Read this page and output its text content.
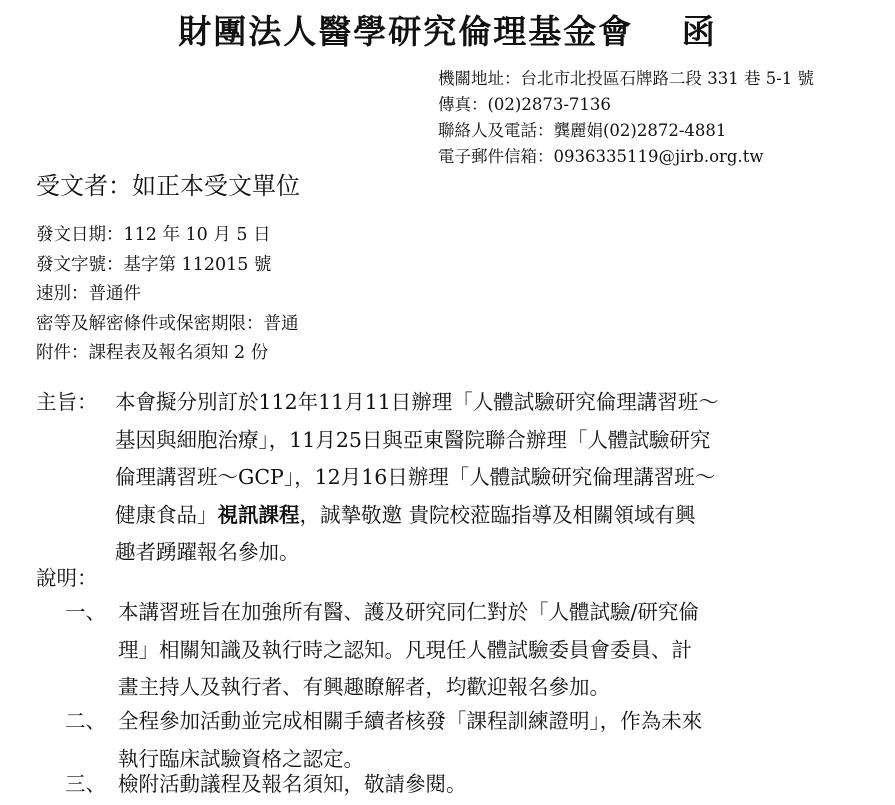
財團法人醫學研究倫理基金會　 函
機關地址：台北市北投區石牌路二段 331 巷 5-1 號
傳真：(02)2873-7136
聯絡人及電話：龔麗娟(02)2872-4881
電子郵件信箱：0936335119@jirb.org.tw
受文者：如正本受文單位
發文日期：112 年 10 月 5 日
發文字號：基字第 112015 號
速別：普通件
密等及解密條件或保密期限：普通
附件：課程表及報名須知 2 份
主旨： 本會擬分別訂於112年11月11日辦理「人體試驗研究倫理講習班～
基因與細胞治療」，11月25日與亞東醫院聯合辦理「人體試驗研究
倫理講習班～GCP」，12月16日辦理「人體試驗研究倫理講習班～
健康食品」視訊課程，誠摯敬邀 貴院校蒞臨指導及相關領域有興
趣者踴躍報名參加。
說明：
一、 本講習班旨在加強所有醫、護及研究同仁對於「人體試驗/研究倫
理」相關知識及執行時之認知。凡現任人體試驗委員會委員、計
畫主持人及執行者、有興趣瞭解者，均歡迎報名參加。
二、 全程參加活動並完成相關手續者核發「課程訓練證明」，作為未來
執行臨床試驗資格之認定。
三、 檢附活動議程及報名須知，敬請參閱。
